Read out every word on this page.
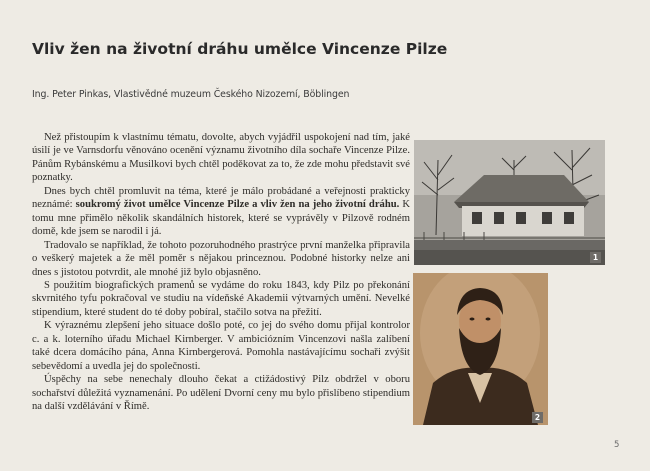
Vliv žen na životní dráhu umělce Vincenze Pilze
Ing. Peter Pinkas, Vlastivědné muzeum Českého Nizozemí, Böblingen

Než přistoupím k vlastnímu tématu, dovolte, abych vyjádřil uspokojení nad tím, jaké úsilí je ve Varnsdorfu věnováno ocenění významu životního díla sochaře Vincenze Pilze. Pánům Rybánskému a Musilkovi bych chtěl poděkovat za to, že zde mohu představit své poznatky.

Dnes bych chtěl promluvit na téma, které je málo probádané a veřejnosti prakticky neznámé: soukromý život umělce Vincenze Pilze a vliv žen na jeho životní dráhu. K tomu mne přimělo několik skandálních historek, které se vyprávěly v Pilzově rodném domě, kde jsem se narodil i já.

Tradovalo se například, že tohoto pozoruhodného prastrýce první manželka připravila o veškerý majetek a že měl poměr s nějakou princeznou. Podobné historky nelze ani dnes s jistotou potvrdit, ale mnohé již bylo objasněno.

S použitím biografických pramenů se vydáme do roku 1843, kdy Pilz po překonání skvrnitého tyfu pokračoval ve studiu na vídeňské Akademii výtvarných umění. Nevelké stipendium, které student do té doby pobíral, stačilo sotva na přežití.

K výraznému zlepšení jeho situace došlo poté, co jej do svého domu přijal kontrolor c. a k. loterního úřadu Michael Kirnberger. V ambiciózním Vincenzovi našla zalíbení také dcera domácího pána, Anna Kirnbergerová. Pomohla nastávajícímu sochaři zvýšit sebevědomí a uvedla jej do společnosti.

Úspěchy na sebe nenechaly dlouho čekat a ctižádostivý Pilz obdržel v oboru sochařství důležitá vyznamenání. Po udělení Dvorní ceny mu bylo přislíbeno stipendium na další vzdělávání v Římě.

1
2
5
